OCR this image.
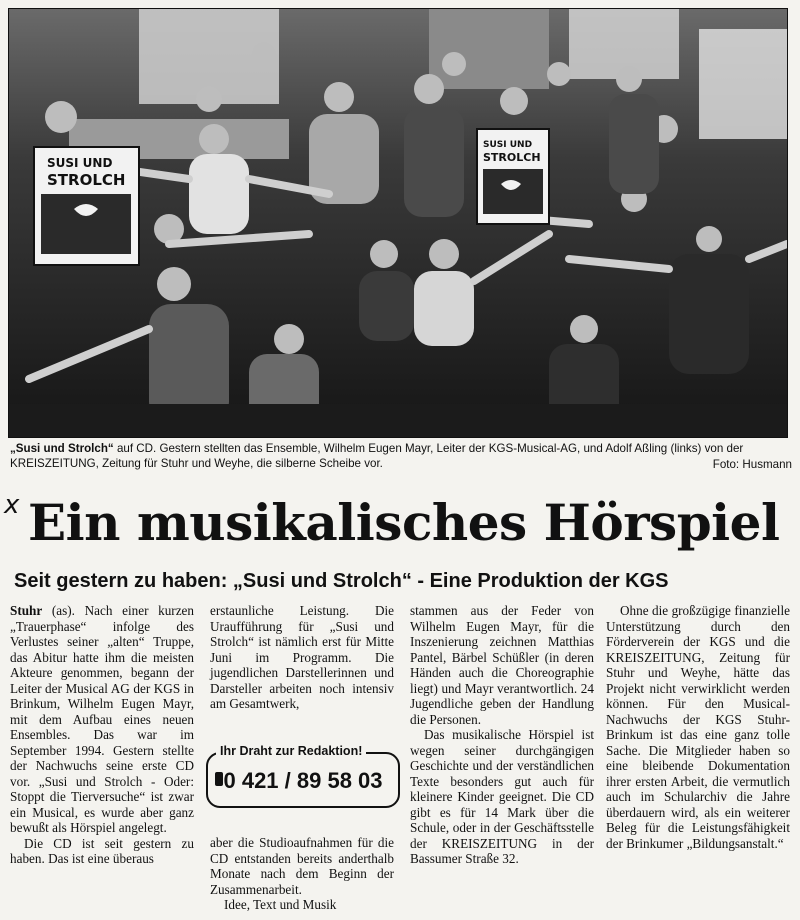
SUSI UND
STROLCH
SUSI UND
STROLCH
„Susi und Strolch“ auf CD. Gestern stellten das Ensemble, Wilhelm Eugen Mayr, Leiter der KGS-Musical-AG, und Adolf Aßling (links) von der KREISZEITUNG, Zeitung für Stuhr und Weyhe, die silberne Scheibe vor.	Foto: Husmann
x Ein musikalisches Hörspiel
Seit gestern zu haben: „Susi und Strolch“ - Eine Produktion der KGS

Stuhr (as). Nach einer kurzen „Trauerphase“ infolge des Verlustes seiner „alten“ Truppe, das Abitur hatte ihm die meisten Akteure genommen, begann der Leiter der Musical AG der KGS in Brinkum, Wilhelm Eugen Mayr, mit dem Aufbau eines neuen Ensembles. Das war im September 1994. Gestern stellte der Nachwuchs seine erste CD vor. „Susi und Strolch - Oder: Stoppt die Tierversuche“ ist zwar ein Musical, es wurde aber ganz bewußt als Hörspiel angelegt.

Die CD ist seit gestern zu haben. Das ist eine überaus

erstaunliche Leistung. Die Uraufführung für „Susi und Strolch“ ist nämlich erst für Mitte Juni im Programm. Die jugendlichen Darstellerinnen und Darsteller arbeiten noch intensiv am Gesamtwerk,

Ihr Draht zur Redaktion!
0 421 / 89 58 03

aber die Studioaufnahmen für die CD entstanden bereits anderthalb Monate nach dem Beginn der Zusammenarbeit.

Idee, Text und Musik

stammen aus der Feder von Wilhelm Eugen Mayr, für die Inszenierung zeichnen Matthias Pantel, Bärbel Schüßler (in deren Händen auch die Choreographie liegt) und Mayr verantwortlich. 24 Jugendliche geben der Handlung die Personen.

Das musikalische Hörspiel ist wegen seiner durchgängigen Geschichte und der verständlichen Texte besonders gut auch für kleinere Kinder geeignet. Die CD gibt es für 14 Mark über die Schule, oder in der Geschäftsstelle der KREISZEITUNG in der Bassumer Straße 32.

Ohne die großzügige finanzielle Unterstützung durch den Förderverein der KGS und die KREISZEITUNG, Zeitung für Stuhr und Weyhe, hätte das Projekt nicht verwirklicht werden können. Für den Musical-Nachwuchs der KGS Stuhr-Brinkum ist das eine ganz tolle Sache. Die Mitglieder haben so eine bleibende Dokumentation ihrer ersten Arbeit, die vermutlich auch im Schularchiv die Jahre überdauern wird, als ein weiterer Beleg für die Leistungsfähigkeit der Brinkumer „Bildungsanstalt.“
